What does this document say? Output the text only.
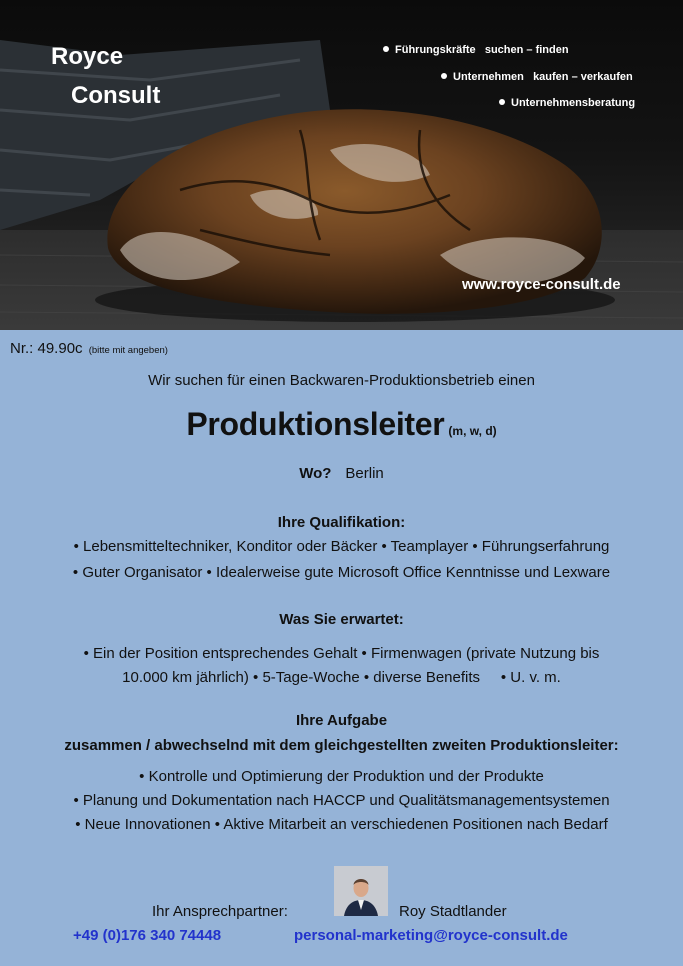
Royce
Consult
Führungskräfte   suchen – finden
Unternehmen   kaufen – verkaufen
Unternehmensberatung
www.royce-consult.de
Nr.: 49.90c (bitte mit angeben)
Wir suchen für einen Backwaren-Produktionsbetrieb einen
Produktionsleiter (m, w, d)
Wo? Berlin
Ihre Qualifikation:
• Lebensmitteltechniker, Konditor oder Bäcker • Teamplayer • Führungserfahrung
• Guter Organisator • Idealerweise gute Microsoft Office Kenntnisse und Lexware
Was Sie erwartet:
• Ein der Position entsprechendes Gehalt • Firmenwagen (private Nutzung bis
10.000 km jährlich) • 5-Tage-Woche • diverse Benefits     • U. v. m.
Ihre Aufgabe
zusammen / abwechselnd mit dem gleichgestellten zweiten Produktionsleiter:
• Kontrolle und Optimierung der Produktion und der Produkte
• Planung und Dokumentation nach HACCP und Qualitätsmanagementsystemen
• Neue Innovationen • Aktive Mitarbeit an verschiedenen Positionen nach Bedarf
Ihr Ansprechpartner:	Roy Stadtlander
+49 (0)176 340 74448	personal-marketing@royce-consult.de
